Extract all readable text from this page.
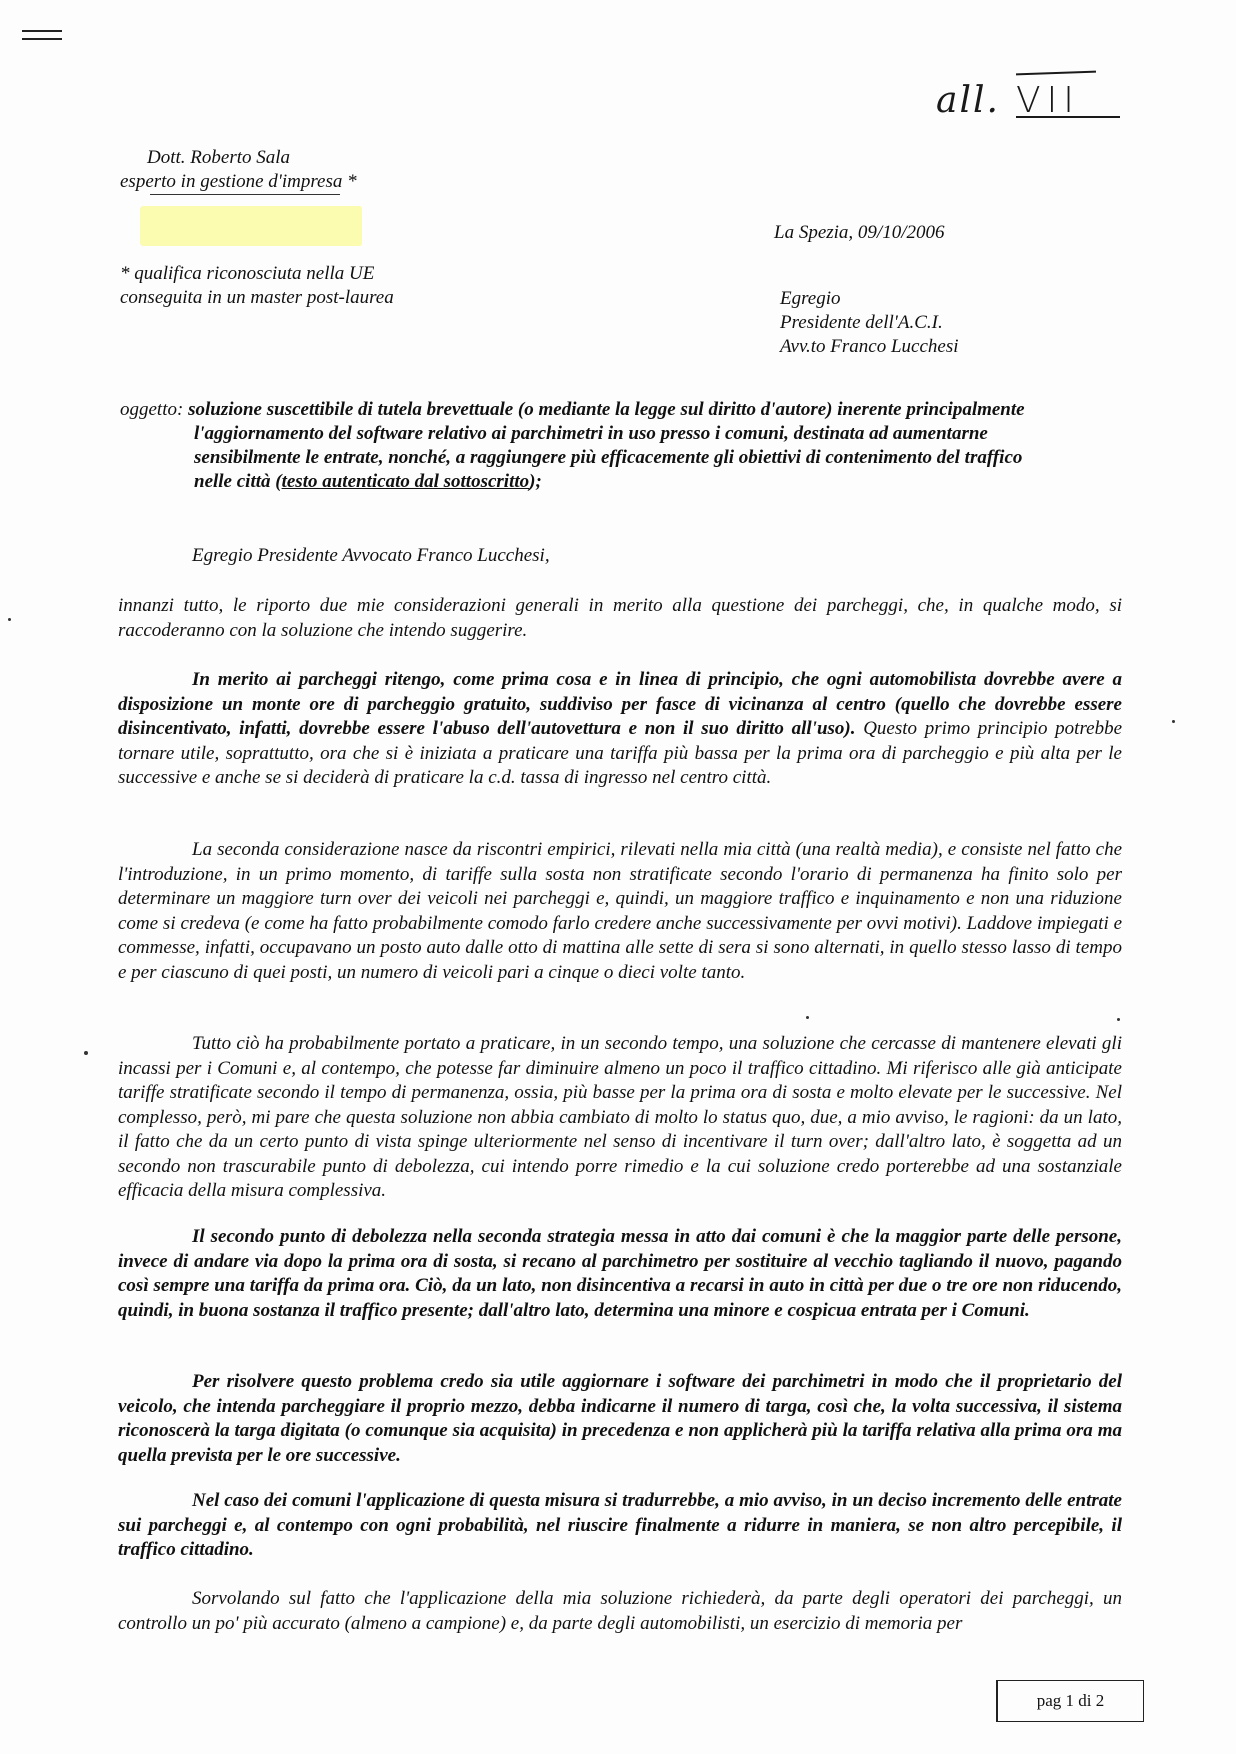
all. VII
Dott. Roberto Sala
esperto in gestione d'impresa *
* qualifica riconosciuta nella UE
conseguita in un master post-laurea
La Spezia, 09/10/2006
Egregio
Presidente dell'A.C.I.
Avv.to Franco Lucchesi
oggetto: soluzione suscettibile di tutela brevettuale (o mediante la legge sul diritto d'autore) inerente principalmente
l'aggiornamento del software relativo ai parchimetri in uso presso i comuni, destinata ad aumentarne
sensibilmente le entrate, nonché, a raggiungere più efficacemente gli obiettivi di contenimento del traffico
nelle città (testo autenticato dal sottoscritto);
Egregio Presidente Avvocato Franco Lucchesi,
innanzi tutto, le riporto due mie considerazioni generali in merito alla questione dei parcheggi, che, in qualche modo, si raccoderanno con la soluzione che intendo suggerire.
In merito ai parcheggi ritengo, come prima cosa e in linea di principio, che ogni automobilista dovrebbe avere a disposizione un monte ore di parcheggio gratuito, suddiviso per fasce di vicinanza al centro (quello che dovrebbe essere disincentivato, infatti, dovrebbe essere l'abuso dell'autovettura e non il suo diritto all'uso). Questo primo principio potrebbe tornare utile, soprattutto, ora che si è iniziata a praticare una tariffa più bassa per la prima ora di parcheggio e più alta per le successive e anche se si deciderà di praticare la c.d. tassa di ingresso nel centro città.
La seconda considerazione nasce da riscontri empirici, rilevati nella mia città (una realtà media), e consiste nel fatto che l'introduzione, in un primo momento, di tariffe sulla sosta non stratificate secondo l'orario di permanenza ha finito solo per determinare un maggiore turn over dei veicoli nei parcheggi e, quindi, un maggiore traffico e inquinamento e non una riduzione come si credeva (e come ha fatto probabilmente comodo farlo credere anche successivamente per ovvi motivi). Laddove impiegati e commesse, infatti, occupavano un posto auto dalle otto di mattina alle sette di sera si sono alternati, in quello stesso lasso di tempo e per ciascuno di quei posti, un numero di veicoli pari a cinque o dieci volte tanto.
Tutto ciò ha probabilmente portato a praticare, in un secondo tempo, una soluzione che cercasse di mantenere elevati gli incassi per i Comuni e, al contempo, che potesse far diminuire almeno un poco il traffico cittadino. Mi riferisco alle già anticipate tariffe stratificate secondo il tempo di permanenza, ossia, più basse per la prima ora di sosta e molto elevate per le successive. Nel complesso, però, mi pare che questa soluzione non abbia cambiato di molto lo status quo, due, a mio avviso, le ragioni: da un lato, il fatto che da un certo punto di vista spinge ulteriormente nel senso di incentivare il turn over; dall'altro lato, è soggetta ad un secondo non trascurabile punto di debolezza, cui intendo porre rimedio e la cui soluzione credo porterebbe ad una sostanziale efficacia della misura complessiva.
Il secondo punto di debolezza nella seconda strategia messa in atto dai comuni è che la maggior parte delle persone, invece di andare via dopo la prima ora di sosta, si recano al parchimetro per sostituire al vecchio tagliando il nuovo, pagando così sempre una tariffa da prima ora. Ciò, da un lato, non disincentiva a recarsi in auto in città per due o tre ore non riducendo, quindi, in buona sostanza il traffico presente; dall'altro lato, determina una minore e cospicua entrata per i Comuni.
Per risolvere questo problema credo sia utile aggiornare i software dei parchimetri in modo che il proprietario del veicolo, che intenda parcheggiare il proprio mezzo, debba indicarne il numero di targa, così che, la volta successiva, il sistema riconoscerà la targa digitata (o comunque sia acquisita) in precedenza e non applicherà più la tariffa relativa alla prima ora ma quella prevista per le ore successive.
Nel caso dei comuni l'applicazione di questa misura si tradurrebbe, a mio avviso, in un deciso incremento delle entrate sui parcheggi e, al contempo con ogni probabilità, nel riuscire finalmente a ridurre in maniera, se non altro percepibile, il traffico cittadino.
Sorvolando sul fatto che l'applicazione della mia soluzione richiederà, da parte degli operatori dei parcheggi, un controllo un po' più accurato (almeno a campione) e, da parte degli automobilisti, un esercizio di memoria per
pag 1 di 2
